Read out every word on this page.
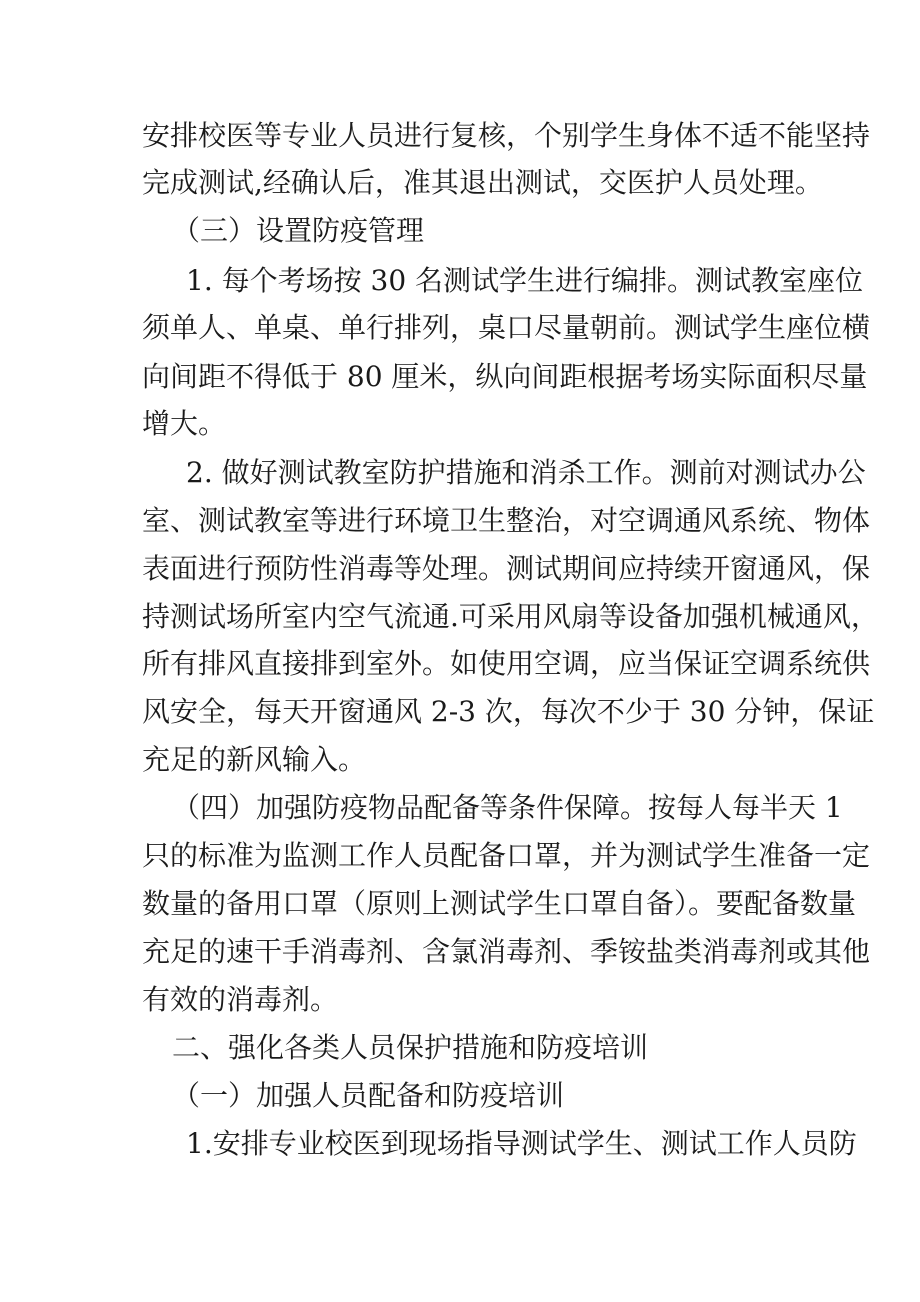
安排校医等专业人员进行复核，个别学生身体不适不能坚持
完成测试,经确认后，准其退出测试，交医护人员处理。
（三）设置防疫管理
1. 每个考场按 30 名测试学生进行编排。测试教室座位
须单人、单桌、单行排列，桌口尽量朝前。测试学生座位横
向间距不得低于 80 厘米，纵向间距根据考场实际面积尽量
增大。
2. 做好测试教室防护措施和消杀工作。测前对测试办公
室、测试教室等进行环境卫生整治，对空调通风系统、物体
表面进行预防性消毒等处理。测试期间应持续开窗通风，保
持测试场所室内空气流通.可采用风扇等设备加强机械通风，
所有排风直接排到室外。如使用空调，应当保证空调系统供
风安全，每天开窗通风 2-3 次，每次不少于 30 分钟，保证
充足的新风输入。
（四）加强防疫物品配备等条件保障。按每人每半天 1
只的标准为监测工作人员配备口罩，并为测试学生准备一定
数量的备用口罩（原则上测试学生口罩自备）。要配备数量
充足的速干手消毒剂、含氯消毒剂、季铵盐类消毒剂或其他
有效的消毒剂。
二、强化各类人员保护措施和防疫培训
（一）加强人员配备和防疫培训
1.安排专业校医到现场指导测试学生、测试工作人员防
